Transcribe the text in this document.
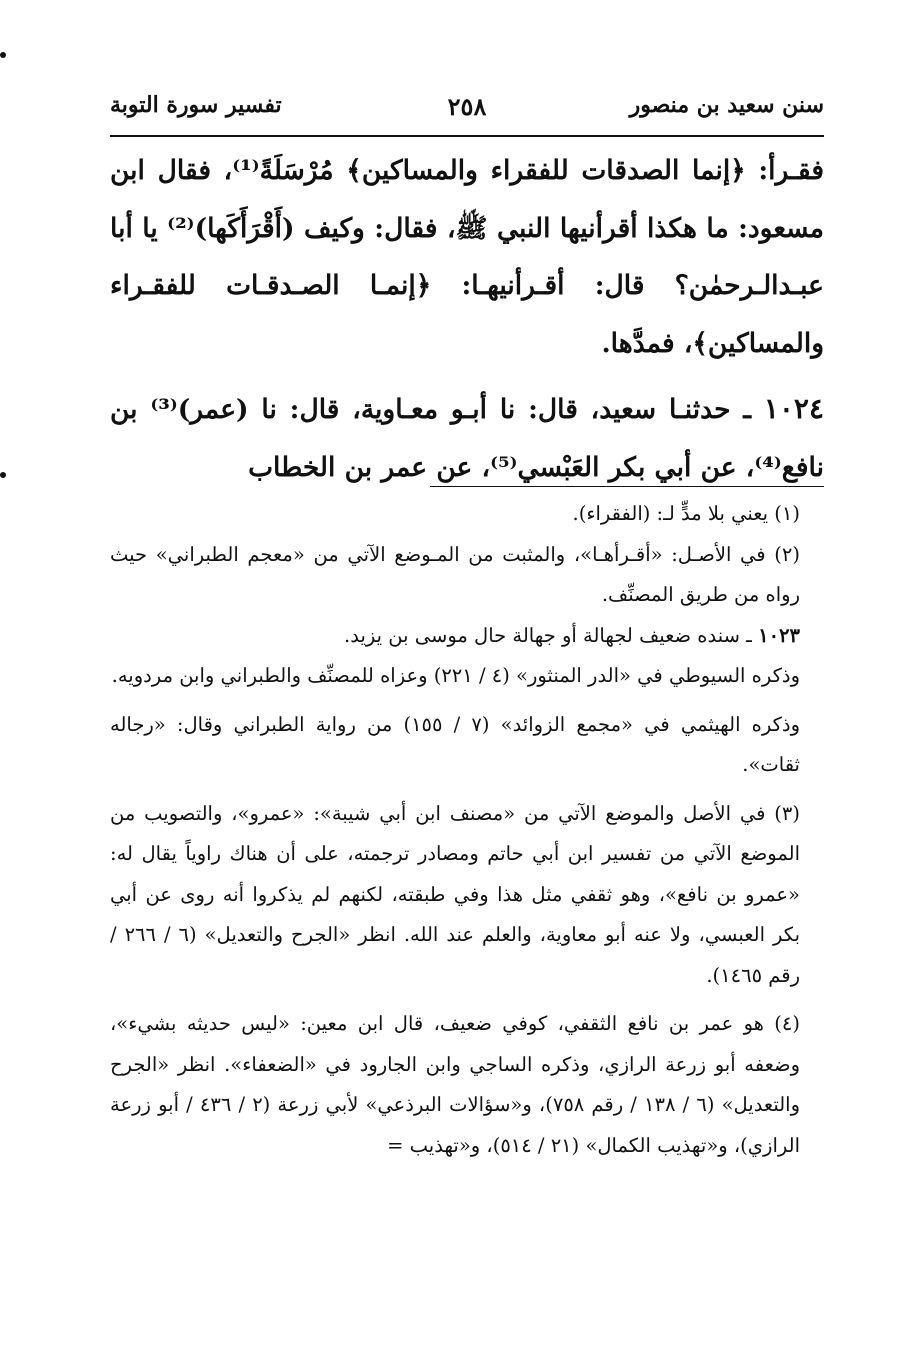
سنن سعيد بن منصور
٢٥٨
تفسير سورة التوبة

فقـرأ: ﴿إنما الصدقات للفقراء والمساكين﴾ مُرْسَلَةً⁽¹⁾، فقال ابن مسعود: ما هكذا أقرأنيها النبي ﷺ، فقال: وكيف (أَقْرَأَكَها)⁽²⁾ يا أبا عبـدالـرحمٰن؟ قال: أقـرأنيهـا: ﴿إنمـا الصـدقـات للفقـراء والمساكين﴾، فمدَّها.

١٠٢٤ ـ حدثنـا سعيد، قال: نا أبـو معـاوية، قال: نا (عمر)⁽³⁾ بن نافع⁽⁴⁾، عن أبي بكر العَبْسي⁽⁵⁾، عن عمر بن الخطاب

(١) يعني بلا مدٍّ لـ: (الفقراء).

(٢) في الأصـل: «أقـرأهـا»، والمثبت من المـوضع الآتي من «معجم الطبراني» حيث رواه من طريق المصنِّف.

١٠٢٣ ـ سنده ضعيف لجهالة أو جهالة حال موسى بن يزيد.

وذكره السيوطي في «الدر المنثور» (٤ / ٢٢١) وعزاه للمصنِّف والطبراني وابن مردويه.

وذكره الهيثمي في «مجمع الزوائد» (٧ / ١٥٥) من رواية الطبراني وقال: «رجاله ثقات».

(٣) في الأصل والموضع الآتي من «مصنف ابن أبي شيبة»: «عمرو»، والتصويب من الموضع الآتي من تفسير ابن أبي حاتم ومصادر ترجمته، على أن هناك راوياً يقال له: «عمرو بن نافع»، وهو ثقفي مثل هذا وفي طبقته، لكنهم لم يذكروا أنه روى عن أبي بكر العبسي، ولا عنه أبو معاوية، والعلم عند الله. انظر «الجرح والتعديل» (٦ / ٢٦٦ / رقم ١٤٦٥).

(٤) هو عمر بن نافع الثقفي، كوفي ضعيف، قال ابن معين: «ليس حديثه بشيء»، وضعفه أبو زرعة الرازي، وذكره الساجي وابن الجارود في «الضعفاء». انظر «الجرح والتعديل» (٦ / ١٣٨ / رقم ٧٥٨)، و«سؤالات البرذعي» لأبي زرعة (٢ / ٤٣٦ / أبو زرعة الرازي)، و«تهذيب الكمال» (٢١ / ٥١٤)، و«تهذيب =
